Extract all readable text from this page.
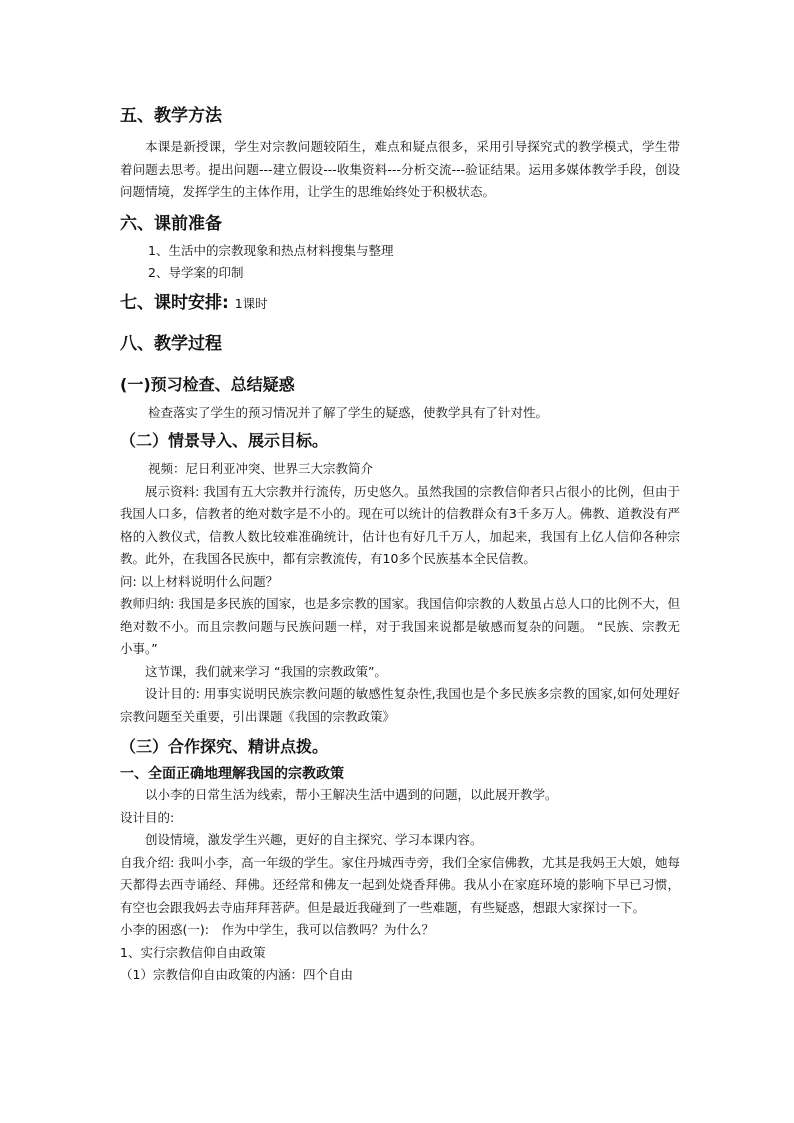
五、教学方法
本课是新授课，学生对宗教问题较陌生，难点和疑点很多，采用引导探究式的教学模式，学生带着问题去思考。提出问题---建立假设---收集资料---分析交流---验证结果。运用多媒体教学手段，创设问题情境，发挥学生的主体作用，让学生的思维始终处于积极状态。
六、课前准备
1、生活中的宗教现象和热点材料搜集与整理
2、导学案的印制
七、课时安排: 1课时
八、教学过程
(一)预习检查、总结疑惑
检查落实了学生的预习情况并了解了学生的疑惑，使教学具有了针对性。
（二）情景导入、展示目标。
视频：尼日利亚冲突、世界三大宗教简介
展示资料: 我国有五大宗教并行流传，历史悠久。虽然我国的宗教信仰者只占很小的比例，但由于我国人口多，信教者的绝对数字是不小的。现在可以统计的信教群众有3千多万人。佛教、道教没有严格的入教仪式，信教人数比较难准确统计，估计也有好几千万人，加起来，我国有上亿人信仰各种宗教。此外，在我国各民族中，都有宗教流传，有10多个民族基本全民信教。
问: 以上材料说明什么问题？
教师归纳: 我国是多民族的国家，也是多宗教的国家。我国信仰宗教的人数虽占总人口的比例不大，但绝对数不小。而且宗教问题与民族问题一样，对于我国来说都是敏感而复杂的问题。 “民族、宗教无小事。”
这节课，我们就来学习 “我国的宗教政策”。
设计目的: 用事实说明民族宗教问题的敏感性复杂性,我国也是个多民族多宗教的国家,如何处理好宗教问题至关重要，引出课题《我国的宗教政策》
（三）合作探究、精讲点拨。
一、全面正确地理解我国的宗教政策
以小李的日常生活为线索，帮小王解决生活中遇到的问题，以此展开教学。
设计目的:
创设情境，激发学生兴趣，更好的自主探究、学习本课内容。
自我介绍: 我叫小李，高一年级的学生。家住丹城西寺旁，我们全家信佛教，尤其是我妈王大娘，她每天都得去西寺诵经、拜佛。还经常和佛友一起到处烧香拜佛。我从小在家庭环境的影响下早已习惯，有空也会跟我妈去寺庙拜拜菩萨。但是最近我碰到了一些难题，有些疑惑，想跟大家探讨一下。
小李的困惑(一):　作为中学生，我可以信教吗？为什么？
1、实行宗教信仰自由政策
（1）宗教信仰自由政策的内涵：四个自由
